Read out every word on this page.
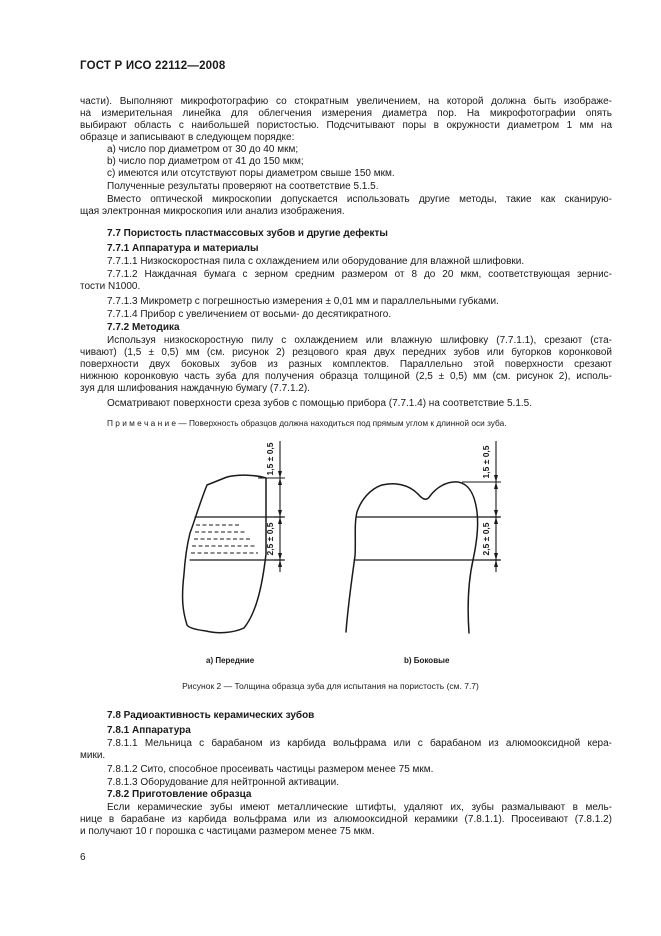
ГОСТ Р ИСО 22112—2008
части). Выполняют микрофотографию со стократным увеличением, на которой должна быть изображе-
на измерительная линейка для облегчения измерения диаметра пор. На микрофотографии опять
выбирают область с наибольшей пористостью. Подсчитывают поры в окружности диаметром 1 мм на
образце и записывают в следующем порядке:
a) число пор диаметром от 30 до 40 мкм;
b) число пор диаметром от 41 до 150 мкм;
c) имеются или отсутствуют поры диаметром свыше 150 мкм.
Полученные результаты проверяют на соответствие 5.1.5.
Вместо оптической микроскопии допускается использовать другие методы, такие как сканирую-
щая электронная микроскопия или анализ изображения.
7.7 Пористость пластмассовых зубов и другие дефекты
7.7.1 Аппаратура и материалы
7.7.1.1 Низкоскоростная пила с охлаждением или оборудование для влажной шлифовки.
7.7.1.2 Наждачная бумага с зерном средним размером от 8 до 20 мкм, соответствующая зернис-
тости N1000.
7.7.1.3 Микрометр с погрешностью измерения ± 0,01 мм и параллельными губками.
7.7.1.4 Прибор с увеличением от восьми- до десятикратного.
7.7.2 Методика
Используя низкоскоростную пилу с охлаждением или влажную шлифовку (7.7.1.1), срезают (ста-
чивают) (1,5 ± 0,5) мм (см. рисунок 2) резцового края двух передних зубов или бугорков коронковой
поверхности двух боковых зубов из разных комплектов. Параллельно этой поверхности срезают
нижнюю коронковую часть зуба для получения образца толщиной (2,5 ± 0,5) мм (см. рисунок 2), исполь-
зуя для шлифования наждачную бумагу (7.7.1.2).
Осматривают поверхности среза зубов с помощью прибора (7.7.1.4) на соответствие 5.1.5.
П р и м е ч а н и е — Поверхность образцов должна находиться под прямым углом к длинной оси зуба.
1,5 ± 0,5
2,5 ± 0,5
1,5 ± 0,5
2,5 ± 0,5
а) Передние	b) Боковые
Рисунок 2 — Толщина образца зуба для испытания на пористость (см. 7.7)
7.8 Радиоактивность керамических зубов
7.8.1 Аппаратура
7.8.1.1 Мельница с барабаном из карбида вольфрама или с барабаном из алюмооксидной кера-
мики.
7.8.1.2 Сито, способное просеивать частицы размером менее 75 мкм.
7.8.1.3 Оборудование для нейтронной активации.
7.8.2 Приготовление образца
Если керамические зубы имеют металлические штифты, удаляют их, зубы размалывают в мель-
нице в барабане из карбида вольфрама или из алюмооксидной керамики (7.8.1.1). Просеивают (7.8.1.2)
и получают 10 г порошка с частицами размером менее 75 мкм.
6
